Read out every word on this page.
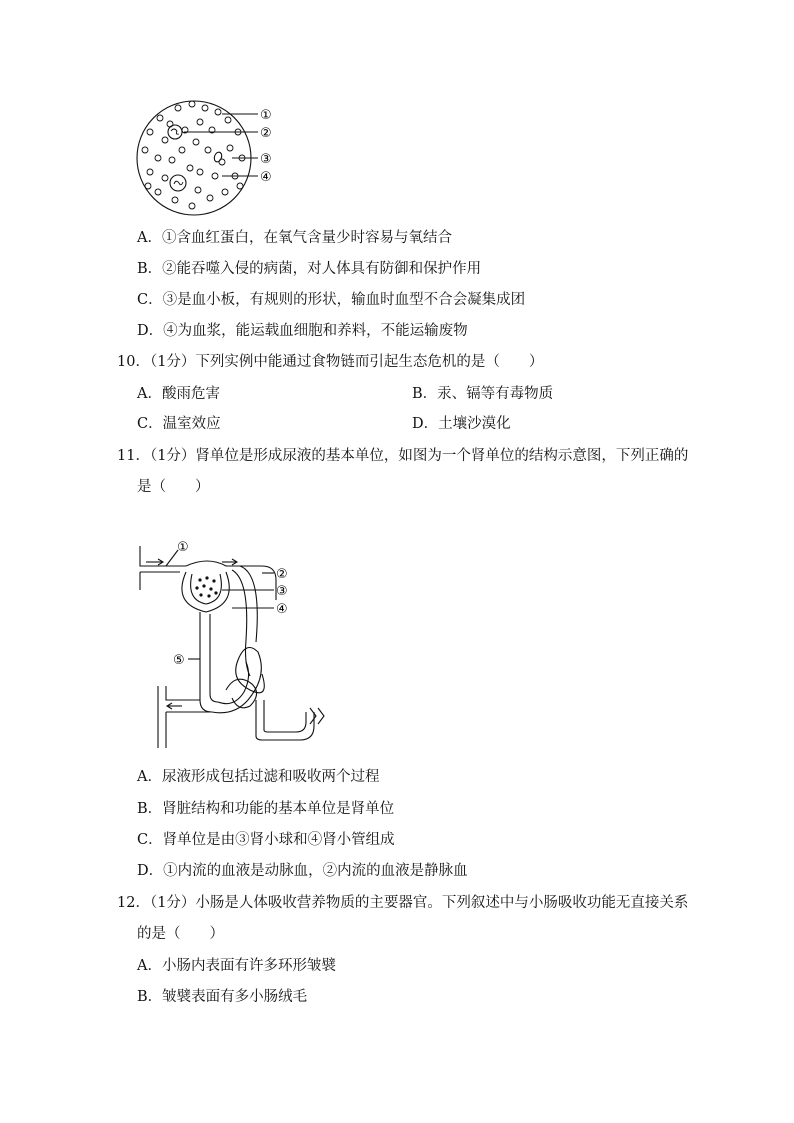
①
②
③
④
①
②
③
④
⑤
A．①含血红蛋白，在氧气含量少时容易与氧结合
B．②能吞噬入侵的病菌，对人体具有防御和保护作用
C．③是血小板，有规则的形状，输血时血型不合会凝集成团
D．④为血浆，能运载血细胞和养料，不能运输废物
10．（1分）下列实例中能通过食物链而引起生态危机的是（　　）
A．酸雨危害	B．汞、镉等有毒物质
C．温室效应	D．土壤沙漠化
11．（1分）肾单位是形成尿液的基本单位，如图为一个肾单位的结构示意图，下列正确的
是（　　）
A．尿液形成包括过滤和吸收两个过程
B．肾脏结构和功能的基本单位是肾单位
C．肾单位是由③肾小球和④肾小管组成
D．①内流的血液是动脉血，②内流的血液是静脉血
12．（1分）小肠是人体吸收营养物质的主要器官。下列叙述中与小肠吸收功能无直接关系
的是（　　）
A．小肠内表面有许多环形皱襞
B．皱襞表面有多小肠绒毛
